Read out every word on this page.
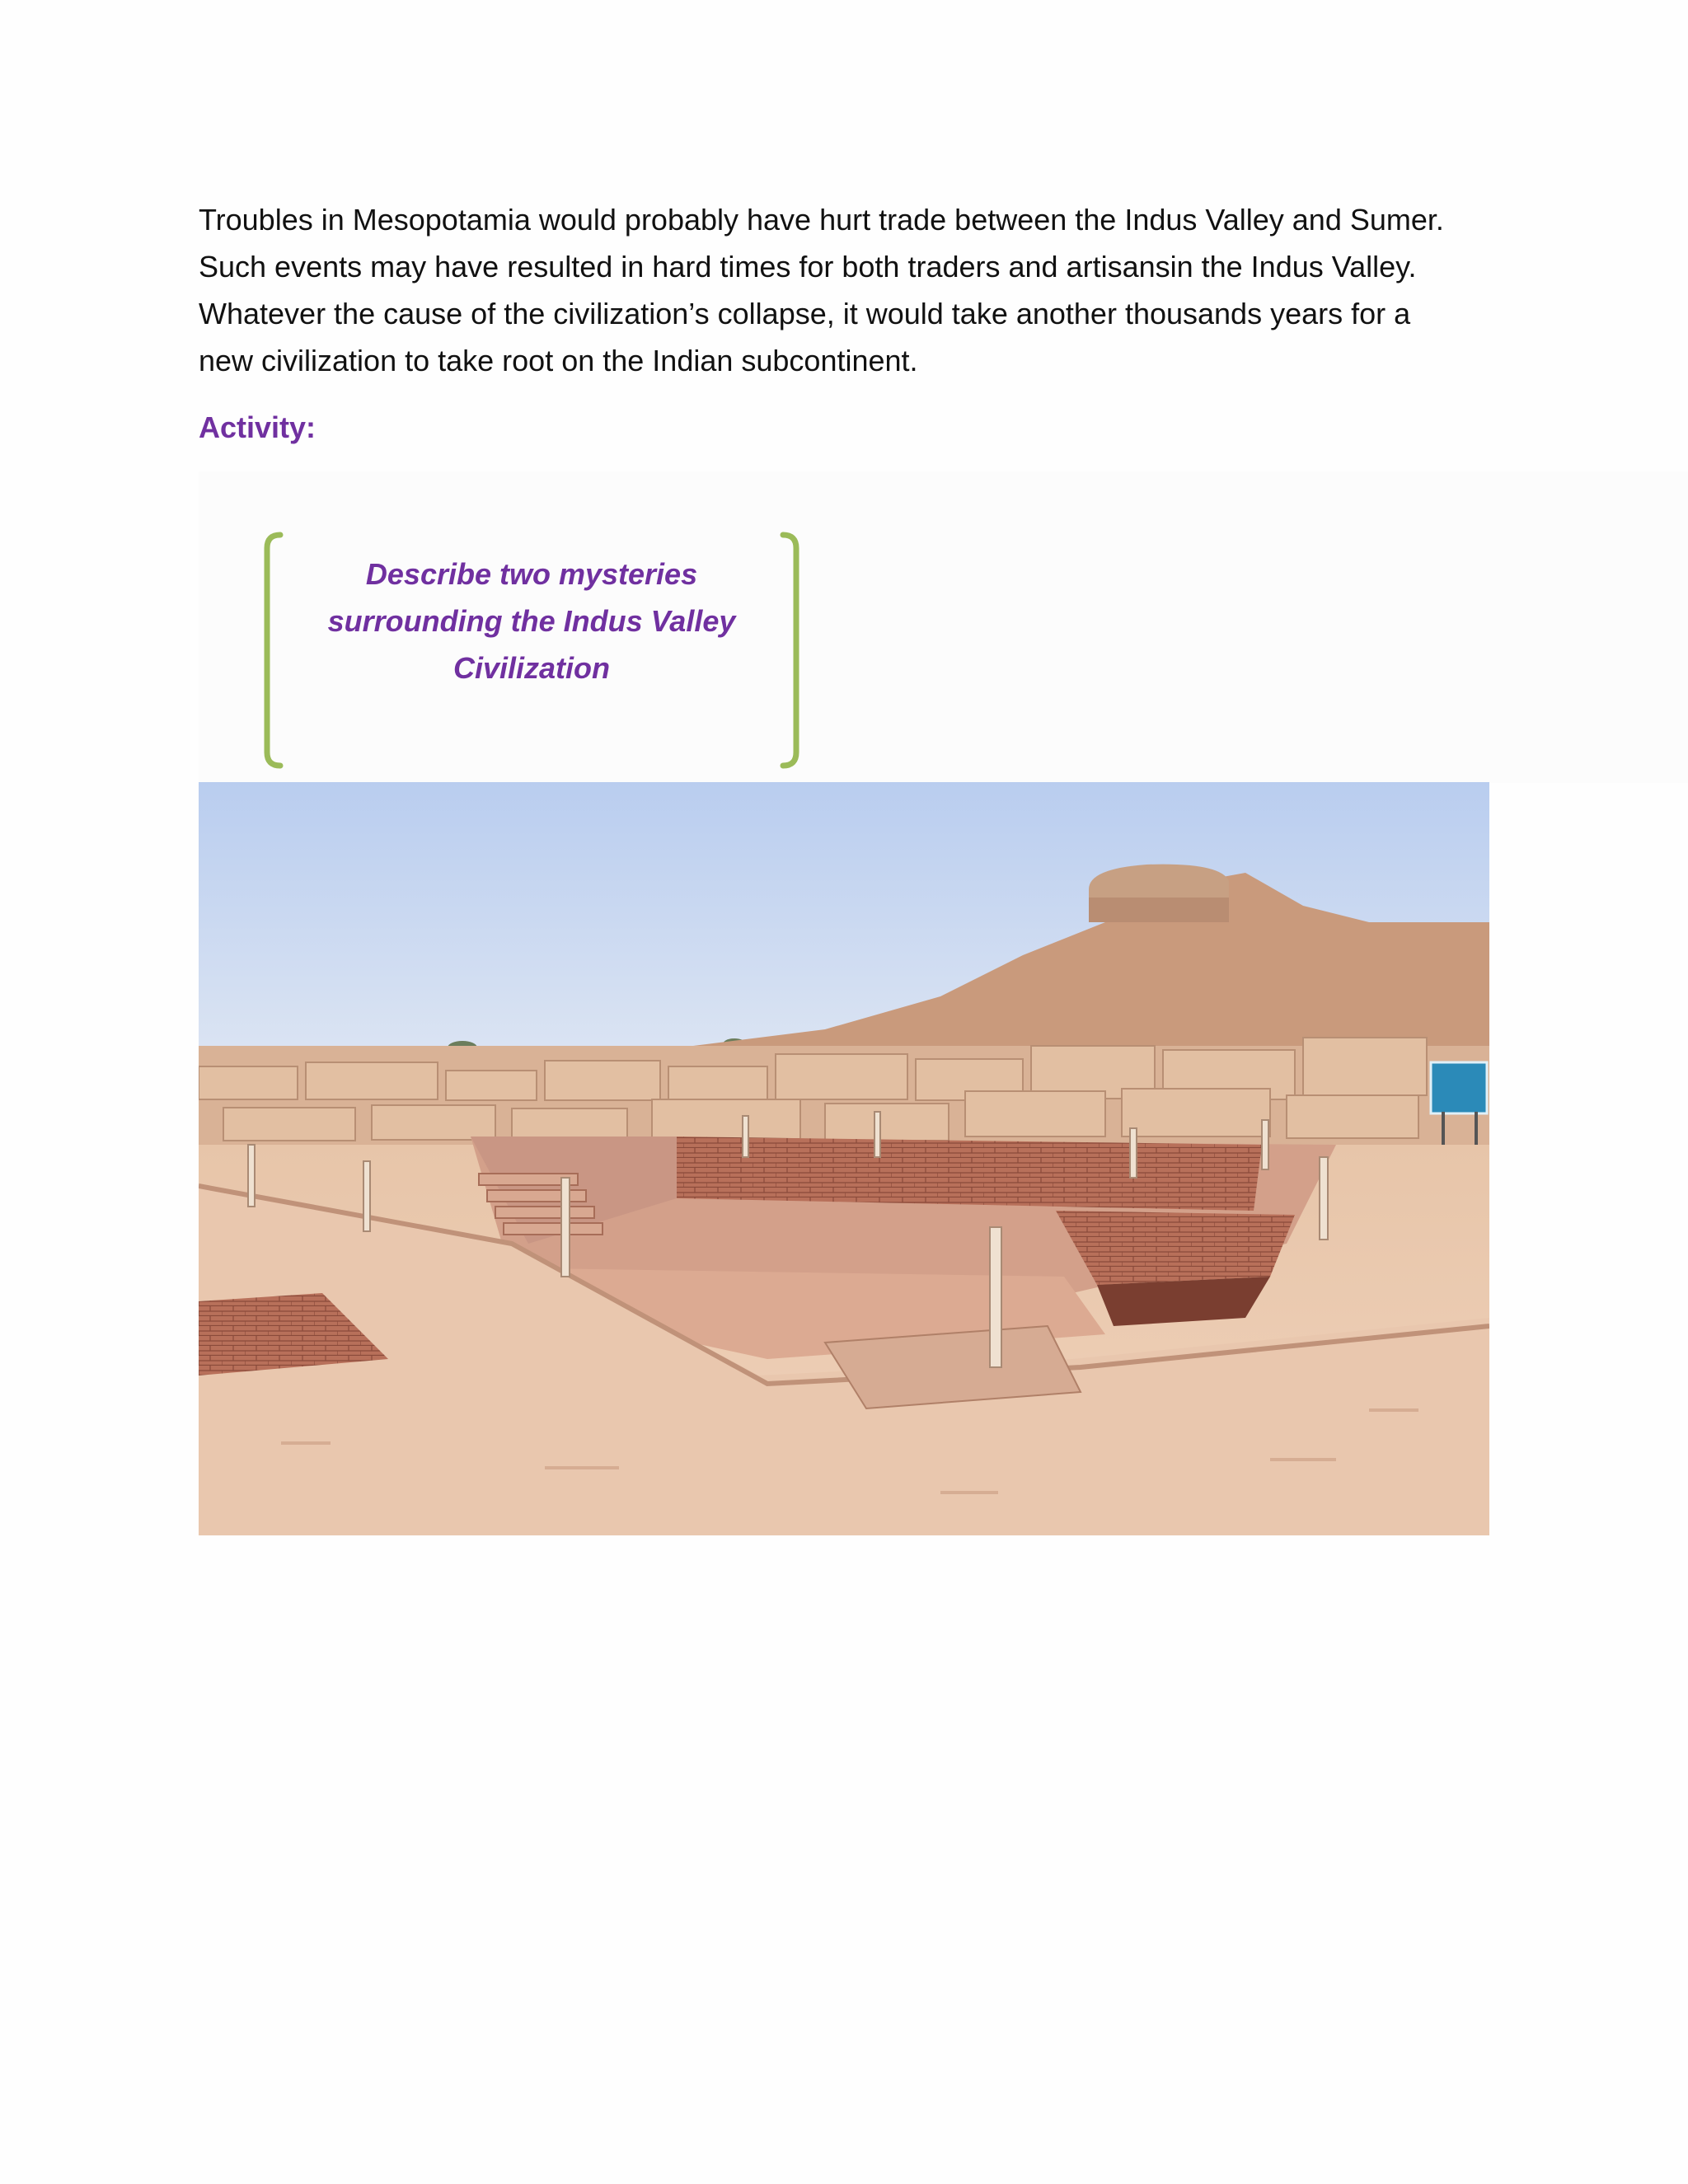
Troubles in Mesopotamia would probably have hurt trade between the Indus Valley and Sumer.
Such events may have resulted in hard times for both traders and artisansin the Indus Valley.
Whatever the cause of the civilization’s collapse, it would take another thousands years for a
new civilization to take root on the Indian subcontinent.

Activity:

Describe two mysteries
surrounding the Indus Valley
Civilization
